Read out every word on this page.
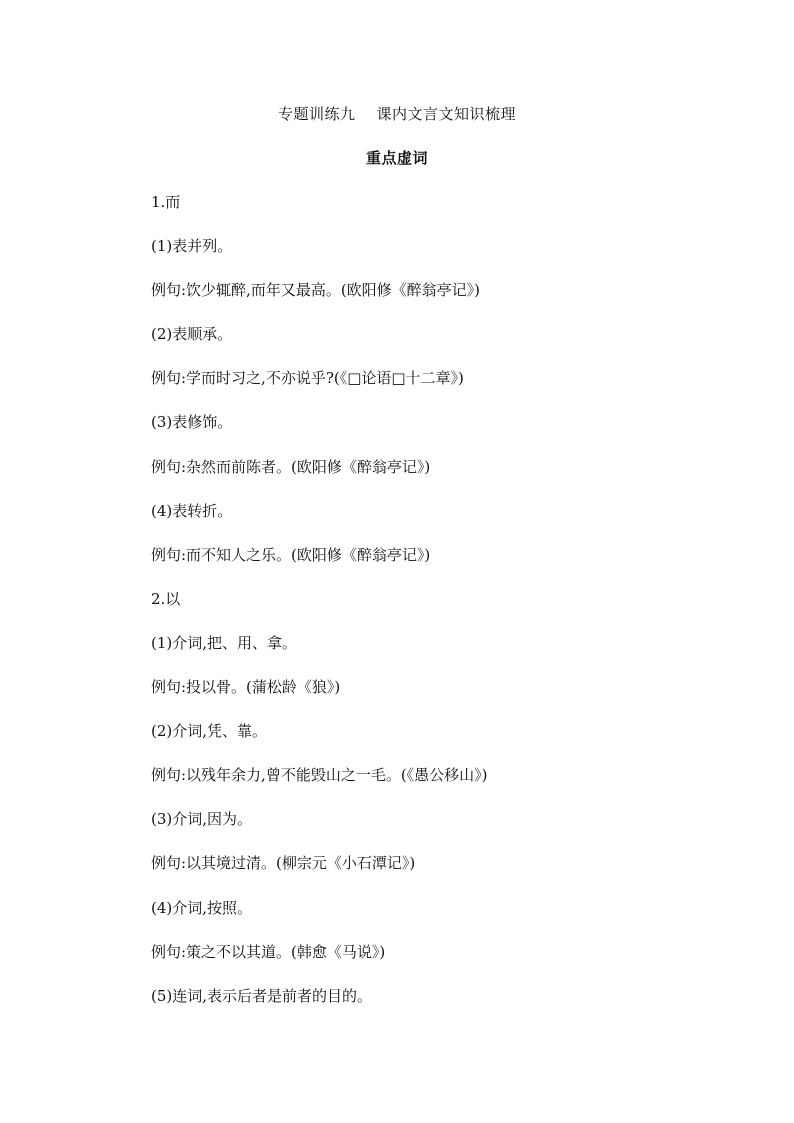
专题训练九    课内文言文知识梳理
重点虚词
1.而
(1)表并列。
例句:饮少辄醉,而年又最高。(欧阳修《醉翁亭记》)
(2)表顺承。
例句:学而时习之,不亦说乎?(《□论语□十二章》)
(3)表修饰。
例句:杂然而前陈者。(欧阳修《醉翁亭记》)
(4)表转折。
例句:而不知人之乐。(欧阳修《醉翁亭记》)
2.以
(1)介词,把、用、拿。
例句:投以骨。(蒲松龄《狼》)
(2)介词,凭、靠。
例句:以残年余力,曾不能毁山之一毛。(《愚公移山》)
(3)介词,因为。
例句:以其境过清。(柳宗元《小石潭记》)
(4)介词,按照。
例句:策之不以其道。(韩愈《马说》)
(5)连词,表示后者是前者的目的。
